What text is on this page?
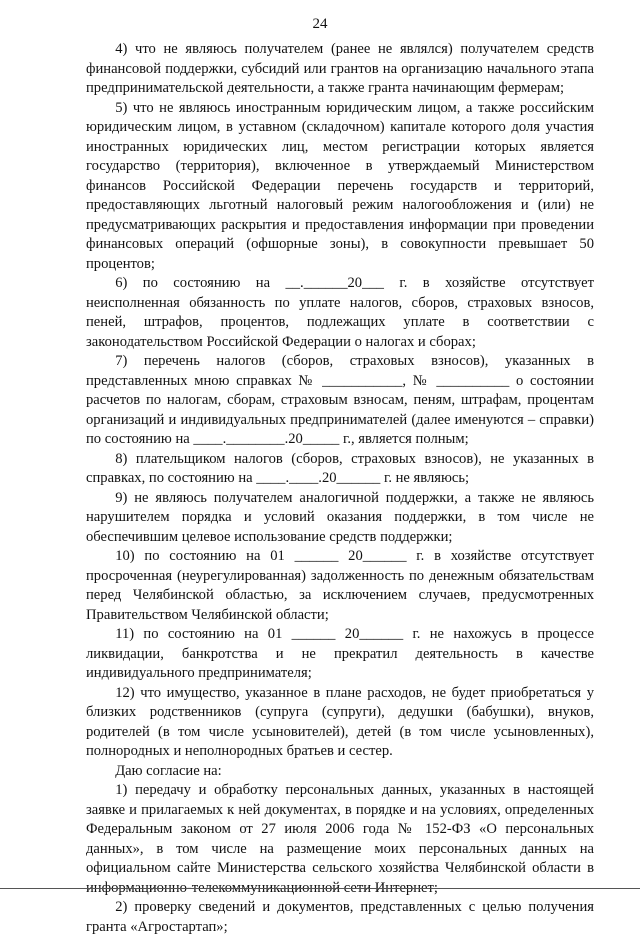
24

4) что не являюсь получателем (ранее не являлся) получателем средств финансовой поддержки, субсидий или грантов на организацию начального этапа предпринимательской деятельности, а также гранта начинающим фермерам;

5) что не являюсь иностранным юридическим лицом, а также российским юридическим лицом, в уставном (складочном) капитале которого доля участия иностранных юридических лиц, местом регистрации которых является государство (территория), включенное в утверждаемый Министерством финансов Российской Федерации перечень государств и территорий, предоставляющих льготный налоговый режим налогообложения и (или) не предусматривающих раскрытия и предоставления информации при проведении финансовых операций (офшорные зоны), в совокупности превышает 50 процентов;

6) по состоянию на __.______20___ г. в хозяйстве отсутствует неисполненная обязанность по уплате налогов, сборов, страховых взносов, пеней, штрафов, процентов, подлежащих уплате в соответствии с законодательством Российской Федерации о налогах и сборах;

7) перечень налогов (сборов, страховых взносов), указанных в представленных мною справках № ___________, № __________ о состоянии расчетов по налогам, сборам, страховым взносам, пеням, штрафам, процентам организаций и индивидуальных предпринимателей (далее именуются – справки) по состоянию на ____.________.20_____ г., является полным;

8) плательщиком налогов (сборов, страховых взносов), не указанных в справках, по состоянию на ____.____.20______ г. не являюсь;

9) не являюсь получателем аналогичной поддержки, а также не являюсь нарушителем порядка и условий оказания поддержки, в том числе не обеспечившим целевое использование средств поддержки;

10) по состоянию на 01 ______ 20______ г. в хозяйстве отсутствует просроченная (неурегулированная) задолженность по денежным обязательствам перед Челябинской областью, за исключением случаев, предусмотренных Правительством Челябинской области;

11) по состоянию на 01 ______ 20______ г. не нахожусь в процессе ликвидации, банкротства и не прекратил деятельность в качестве индивидуального предпринимателя;

12) что имущество, указанное в плане расходов, не будет приобретаться у близких родственников (супруга (супруги), дедушки (бабушки), внуков, родителей (в том числе усыновителей), детей (в том числе усыновленных), полнородных и неполнородных братьев и сестер.

Даю согласие на:

1) передачу и обработку персональных данных, указанных в настоящей заявке и прилагаемых к ней документах, в порядке и на условиях, определенных Федеральным законом от 27 июля 2006 года № 152-ФЗ «О персональных данных», в том числе на размещение моих персональных данных на официальном сайте Министерства сельского хозяйства Челябинской области в информационно-телекоммуникационной сети Интернет;

2) проверку сведений и документов, представленных с целью получения гранта «Агростартап»;
